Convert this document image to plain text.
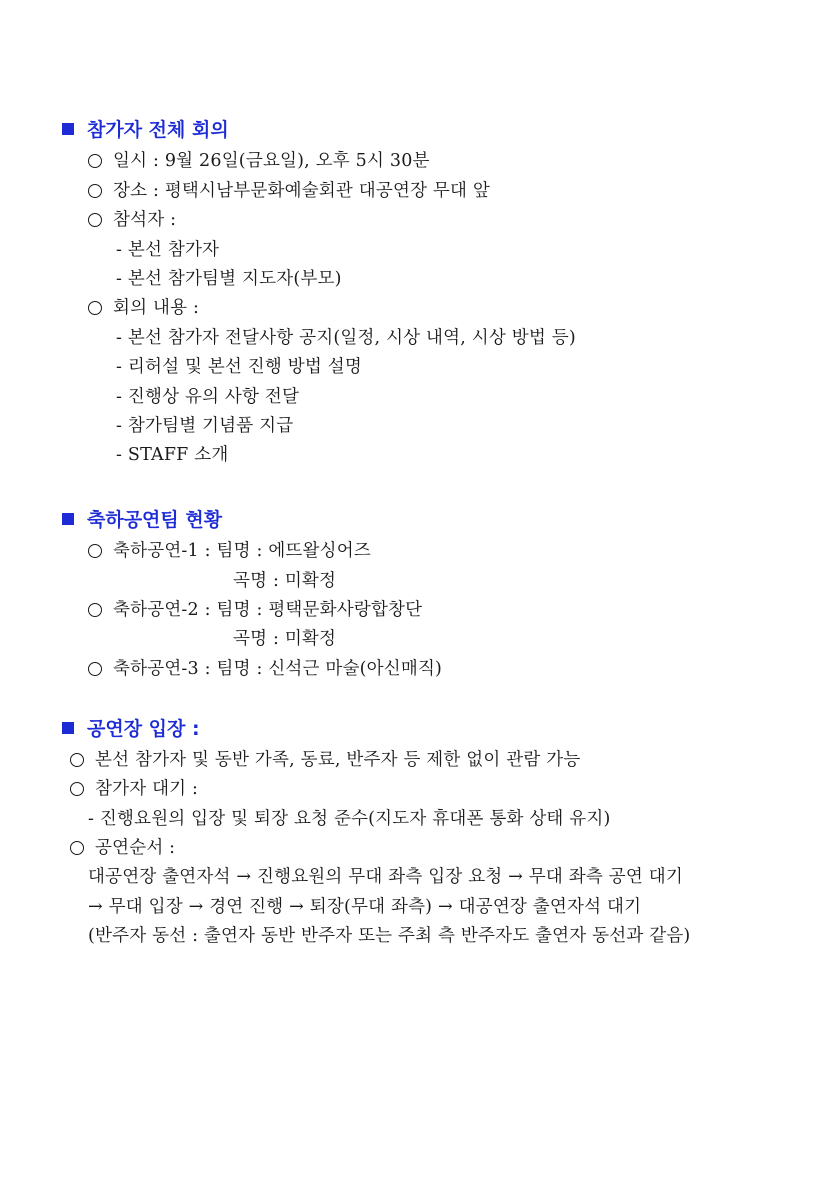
참가자 전체 회의
일시 : 9월 26일(금요일), 오후 5시 30분
장소 : 평택시남부문화예술회관 대공연장 무대 앞
참석자 :
- 본선 참가자
- 본선 참가팀별 지도자(부모)
회의 내용 :
- 본선 참가자 전달사항 공지(일정, 시상 내역, 시상 방법 등)
- 리허설 및 본선 진행 방법 설명
- 진행상 유의 사항 전달
- 참가팀별 기념품 지급
- STAFF 소개
축하공연팀 현황
축하공연-1 : 팀명 : 에뜨왈싱어즈
곡명 : 미확정
축하공연-2 : 팀명 : 평택문화사랑합창단
곡명 : 미확정
축하공연-3 : 팀명 : 신석근 마술(아신매직)
공연장 입장 :
본선 참가자 및 동반 가족, 동료, 반주자 등 제한 없이 관람 가능
참가자 대기 :
- 진행요원의 입장 및 퇴장 요청 준수(지도자 휴대폰 통화 상태 유지)
공연순서 :
대공연장 출연자석 → 진행요원의 무대 좌측 입장 요청 → 무대 좌측 공연 대기
→ 무대 입장 → 경연 진행 → 퇴장(무대 좌측) → 대공연장 출연자석 대기
(반주자 동선 : 출연자 동반 반주자 또는 주최 측 반주자도 출연자 동선과 같음)
